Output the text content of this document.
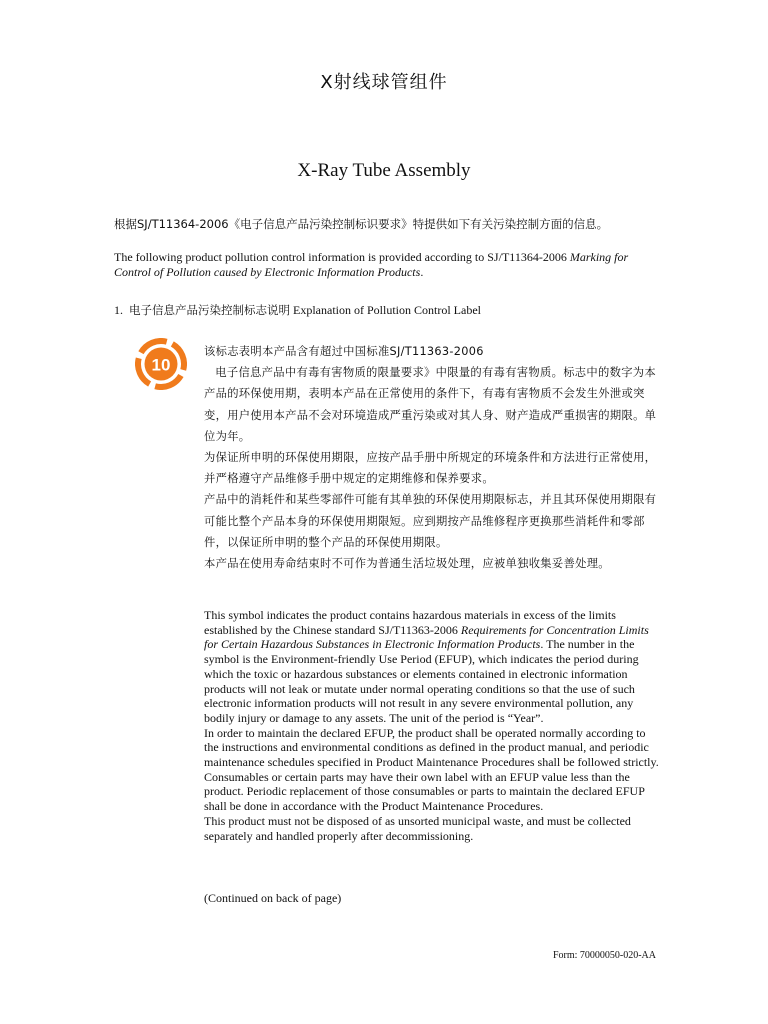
X射线球管组件
X-Ray Tube Assembly
根据SJ/T11364-2006《电子信息产品污染控制标识要求》特提供如下有关污染控制方面的信息。
The following product pollution control information is provided according to SJ/T11364-2006 Marking for Control of Pollution caused by Electronic Information Products.
1. 电子信息产品污染控制标志说明 Explanation of Pollution Control Label
10

该标志表明本产品含有超过中国标准SJ/T11363-2006

电子信息产品中有毒有害物质的限量要求》中限量的有毒有害物质。标志中的数字为本产品的环保使用期，表明本产品在正常使用的条件下，有毒有害物质不会发生外泄或突变，用户使用本产品不会对环境造成严重污染或对其人身、财产造成严重损害的期限。单位为年。

为保证所申明的环保使用期限，应按产品手册中所规定的环境条件和方法进行正常使用，并严格遵守产品维修手册中规定的定期维修和保养要求。

产品中的消耗件和某些零部件可能有其单独的环保使用期限标志，并且其环保使用期限有可能比整个产品本身的环保使用期限短。应到期按产品维修程序更换那些消耗件和零部件，以保证所申明的整个产品的环保使用期限。

本产品在使用寿命结束时不可作为普通生活垃圾处理，应被单独收集妥善处理。

This symbol indicates the product contains hazardous materials in excess of the limits established by the Chinese standard SJ/T11363-2006 Requirements for Concentration Limits for Certain Hazardous Substances in Electronic Information Products. The number in the symbol is the Environment-friendly Use Period (EFUP), which indicates the period during which the toxic or hazardous substances or elements contained in electronic information products will not leak or mutate under normal operating conditions so that the use of such electronic information products will not result in any severe environmental pollution, any bodily injury or damage to any assets. The unit of the period is “Year”.

In order to maintain the declared EFUP, the product shall be operated normally according to the instructions and environmental conditions as defined in the product manual, and periodic maintenance schedules specified in Product Maintenance Procedures shall be followed strictly.

Consumables or certain parts may have their own label with an EFUP value less than the product. Periodic replacement of those consumables or parts to maintain the declared EFUP shall be done in accordance with the Product Maintenance Procedures.

This product must not be disposed of as unsorted municipal waste, and must be collected separately and handled properly after decommissioning.

(Continued on back of page)
Form: 70000050-020-AA
